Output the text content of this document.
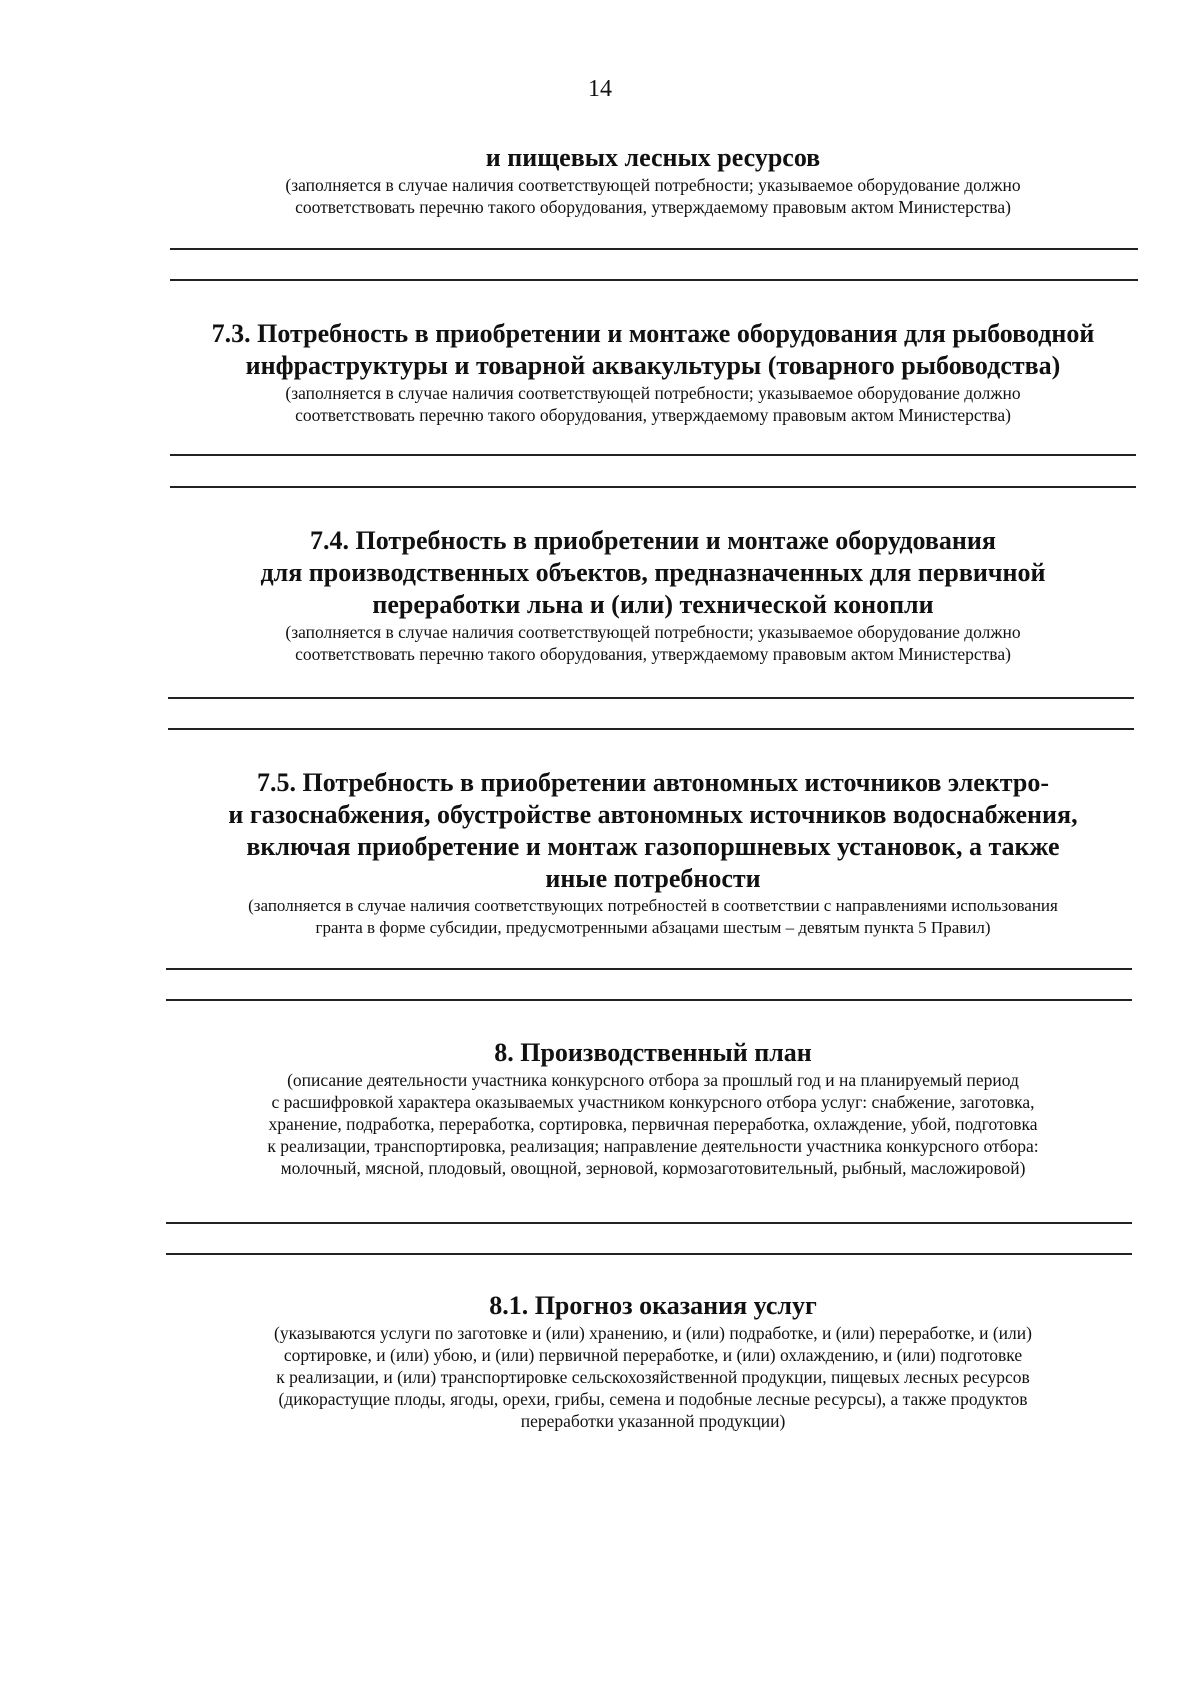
14
и пищевых лесных ресурсов
(заполняется в случае наличия соответствующей потребности; указываемое оборудование должно
соответствовать перечню такого оборудования, утверждаемому правовым актом Министерства)
7.3. Потребность в приобретении и монтаже оборудования для рыбоводной
инфраструктуры и товарной аквакультуры (товарного рыбоводства)
(заполняется в случае наличия соответствующей потребности; указываемое оборудование должно
соответствовать перечню такого оборудования, утверждаемому правовым актом Министерства)
7.4. Потребность в приобретении и монтаже оборудования
для производственных объектов, предназначенных для первичной
переработки льна и (или) технической конопли
(заполняется в случае наличия соответствующей потребности; указываемое оборудование должно
соответствовать перечню такого оборудования, утверждаемому правовым актом Министерства)
7.5. Потребность в приобретении автономных источников электро-
и газоснабжения, обустройстве автономных источников водоснабжения,
включая приобретение и монтаж газопоршневых установок, а также
иные потребности
(заполняется в случае наличия соответствующих потребностей в соответствии с направлениями использования
гранта в форме субсидии, предусмотренными абзацами шестым – девятым пункта 5 Правил)
8. Производственный план
(описание деятельности участника конкурсного отбора за прошлый год и на планируемый период
с расшифровкой характера оказываемых участником конкурсного отбора услуг: снабжение, заготовка,
хранение, подработка, переработка, сортировка, первичная переработка, охлаждение, убой, подготовка
к реализации, транспортировка, реализация; направление деятельности участника конкурсного отбора:
молочный, мясной, плодовый, овощной, зерновой, кормозаготовительный, рыбный, масложировой)
8.1. Прогноз оказания услуг
(указываются услуги по заготовке и (или) хранению, и (или) подработке, и (или) переработке, и (или)
сортировке, и (или) убою, и (или) первичной переработке, и (или) охлаждению, и (или) подготовке
к реализации, и (или) транспортировке сельскохозяйственной продукции, пищевых лесных ресурсов
(дикорастущие плоды, ягоды, орехи, грибы, семена и подобные лесные ресурсы), а также продуктов
переработки указанной продукции)
